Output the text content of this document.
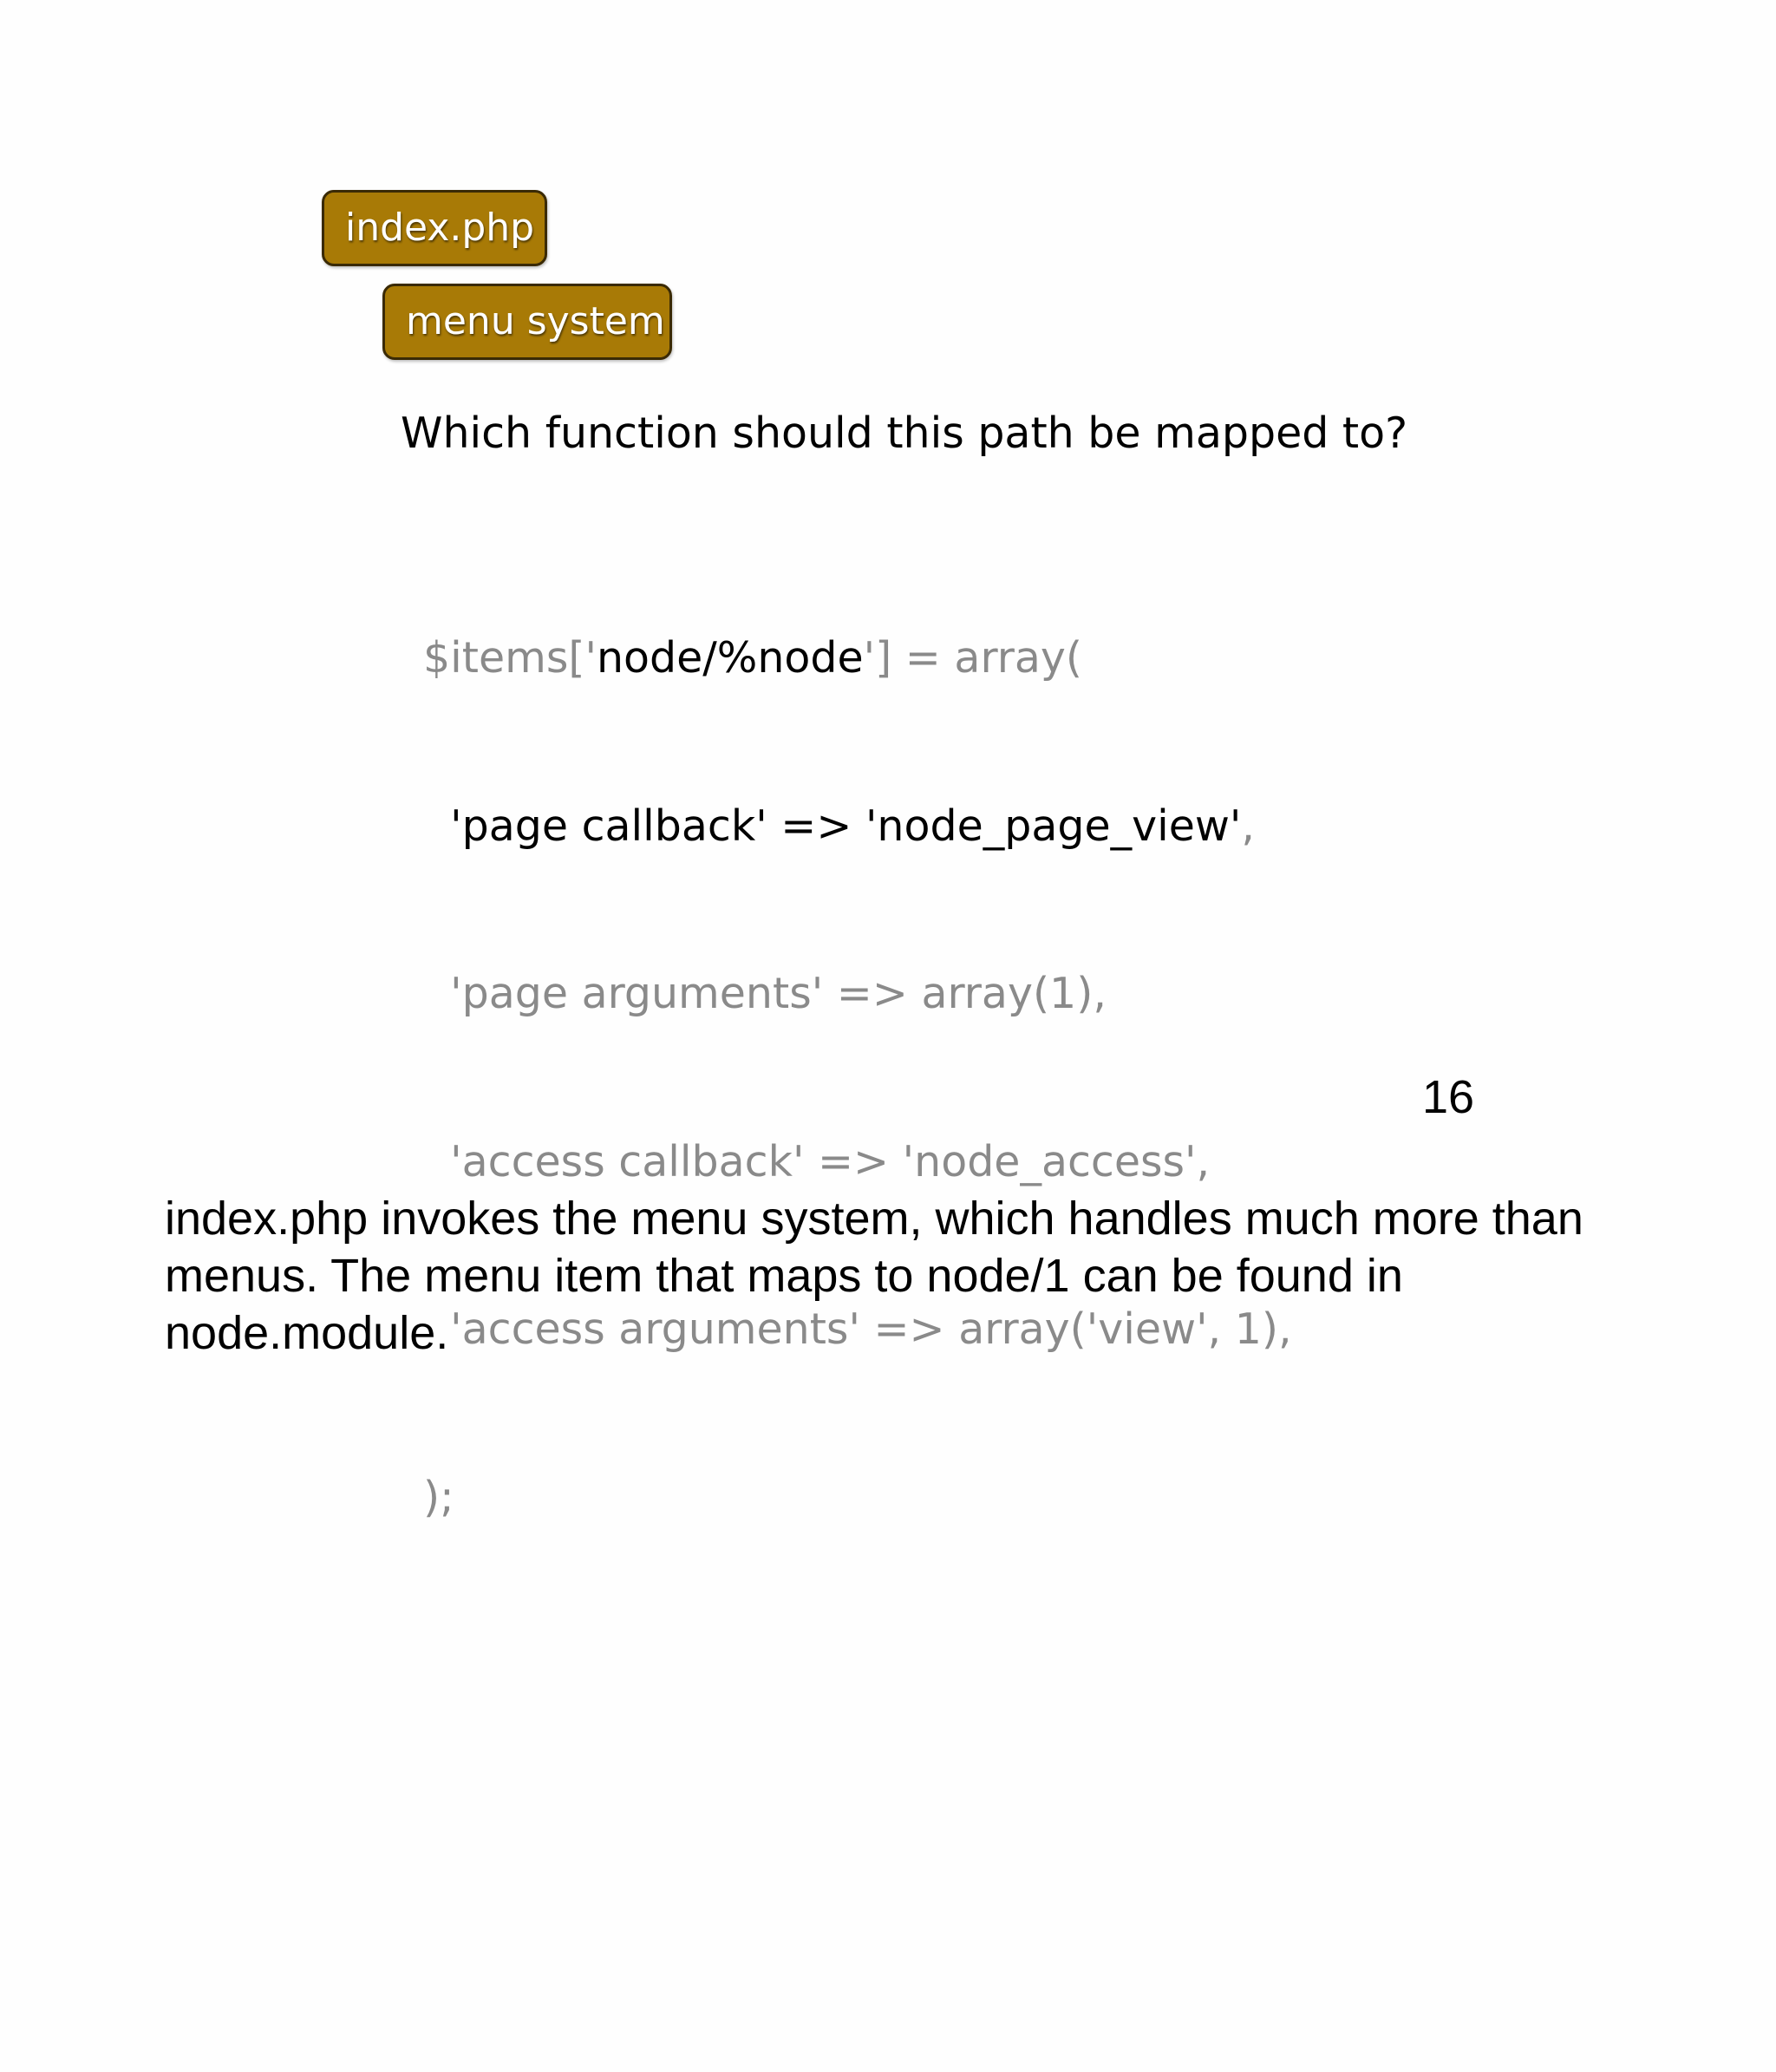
index.php
menu system
Which function should this path be mapped to?

$items['node/%node'] = array(

'page callback' => 'node_page_view',

'page arguments' => array(1),

'access callback' => 'node_access',

'access arguments' => array('view', 1),

);

16
index.php invokes the menu system, which handles much more than menus. The menu item that maps to node/1 can be found in node.module.
